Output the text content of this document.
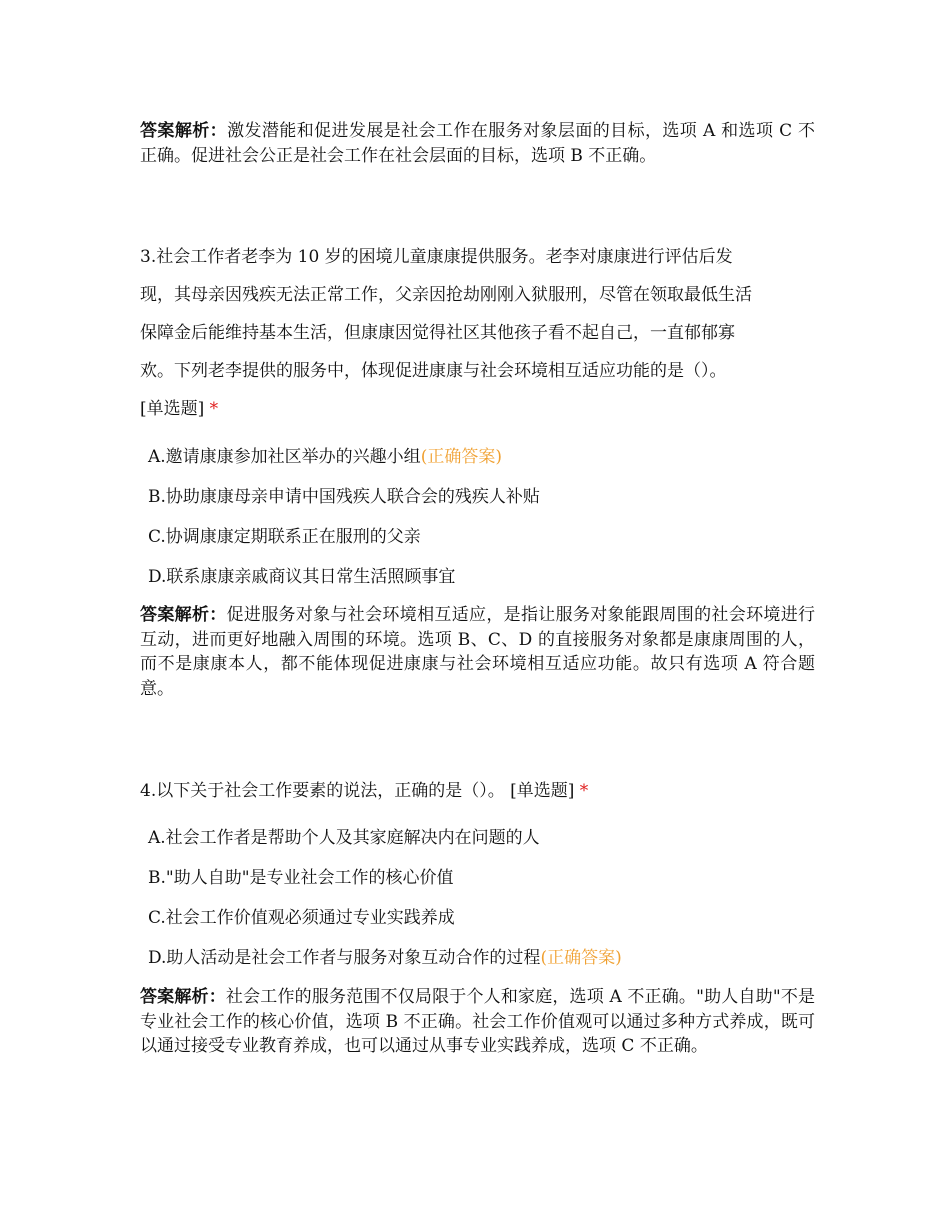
答案解析：激发潜能和促进发展是社会工作在服务对象层面的目标，选项 A 和选项 C 不正确。促进社会公正是社会工作在社会层面的目标，选项 B 不正确。
3.社会工作者老李为 10 岁的困境儿童康康提供服务。老李对康康进行评估后发
现，其母亲因残疾无法正常工作，父亲因抢劫刚刚入狱服刑，尽管在领取最低生活
保障金后能维持基本生活，但康康因觉得社区其他孩子看不起自己，一直郁郁寡
欢。下列老李提供的服务中，体现促进康康与社会环境相互适应功能的是（）。
[单选题] *
A.邀请康康参加社区举办的兴趣小组(正确答案)
B.协助康康母亲申请中国残疾人联合会的残疾人补贴
C.协调康康定期联系正在服刑的父亲
D.联系康康亲戚商议其日常生活照顾事宜
答案解析：促进服务对象与社会环境相互适应，是指让服务对象能跟周围的社会环境进行互动，进而更好地融入周围的环境。选项 B、C、D 的直接服务对象都是康康周围的人，而不是康康本人，都不能体现促进康康与社会环境相互适应功能。故只有选项 A 符合题意。
4.以下关于社会工作要素的说法，正确的是（）。 [单选题] *
A.社会工作者是帮助个人及其家庭解决内在问题的人
B."助人自助"是专业社会工作的核心价值
C.社会工作价值观必须通过专业实践养成
D.助人活动是社会工作者与服务对象互动合作的过程(正确答案)
答案解析：社会工作的服务范围不仅局限于个人和家庭，选项 A 不正确。"助人自助"不是专业社会工作的核心价值，选项 B 不正确。社会工作价值观可以通过多种方式养成，既可以通过接受专业教育养成，也可以通过从事专业实践养成，选项 C 不正确。
